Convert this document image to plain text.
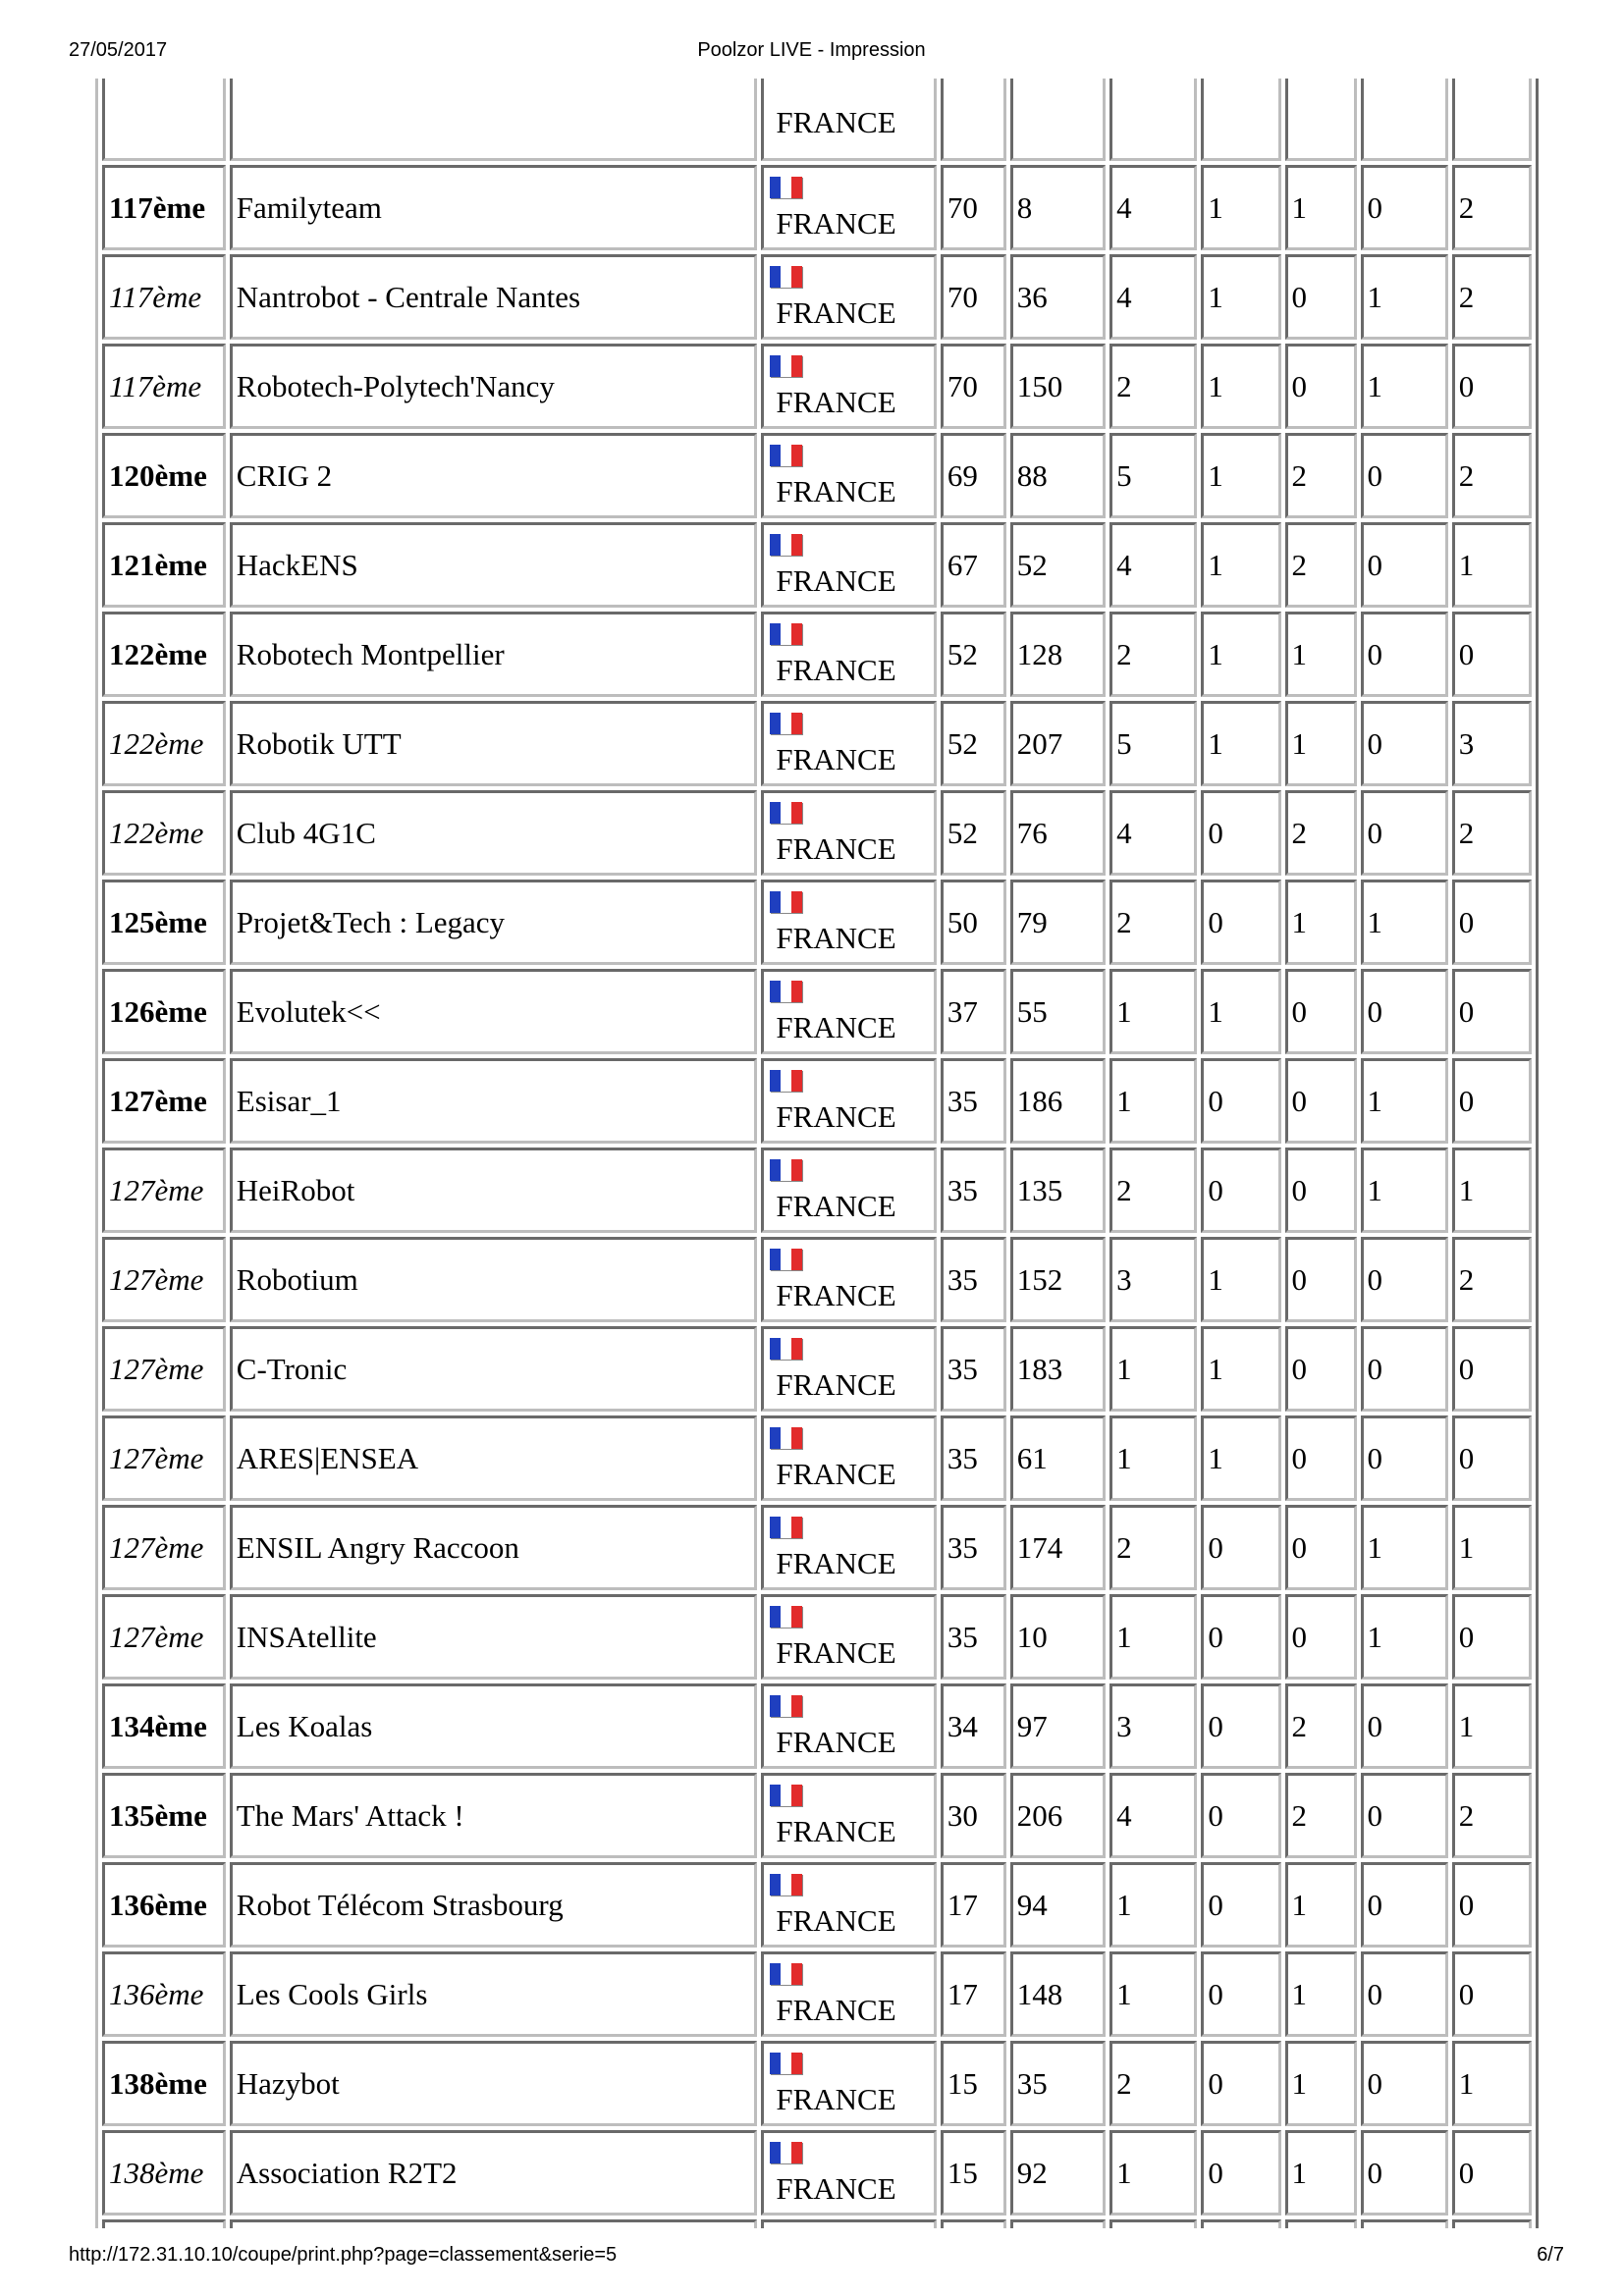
Poolzor LIVE - Impression
27/05/2017

		FRANCE							

117ème	Familyteam	FRANCE	70	8	4	1	1	0	2
117ème	Nantrobot - Centrale Nantes	FRANCE	70	36	4	1	0	1	2
117ème	Robotech-Polytech'Nancy	FRANCE	70	150	2	1	0	1	0
120ème	CRIG 2	FRANCE	69	88	5	1	2	0	2
121ème	HackENS	FRANCE	67	52	4	1	2	0	1
122ème	Robotech Montpellier	FRANCE	52	128	2	1	1	0	0
122ème	Robotik UTT	FRANCE	52	207	5	1	1	0	3
122ème	Club 4G1C	FRANCE	52	76	4	0	2	0	2
125ème	Projet&Tech : Legacy	FRANCE	50	79	2	0	1	1	0
126ème	Evolutek<<	FRANCE	37	55	1	1	0	0	0
127ème	Esisar_1	FRANCE	35	186	1	0	0	1	0
127ème	HeiRobot	FRANCE	35	135	2	0	0	1	1
127ème	Robotium	FRANCE	35	152	3	1	0	0	2
127ème	C-Tronic	FRANCE	35	183	1	1	0	0	0
127ème	ARES|ENSEA	FRANCE	35	61	1	1	0	0	0
127ème	ENSIL Angry Raccoon	FRANCE	35	174	2	0	0	1	1
127ème	INSAtellite	FRANCE	35	10	1	0	0	1	0
134ème	Les Koalas	FRANCE	34	97	3	0	2	0	1
135ème	The Mars' Attack !	FRANCE	30	206	4	0	2	0	2
136ème	Robot Télécom Strasbourg	FRANCE	17	94	1	0	1	0	0
136ème	Les Cools Girls	FRANCE	17	148	1	0	1	0	0
138ème	Hazybot	FRANCE	15	35	2	0	1	0	1
138ème	Association R2T2	FRANCE	15	92	1	0	1	0	0

http://172.31.10.10/coupe/print.php?page=classement&serie=5	6/7
